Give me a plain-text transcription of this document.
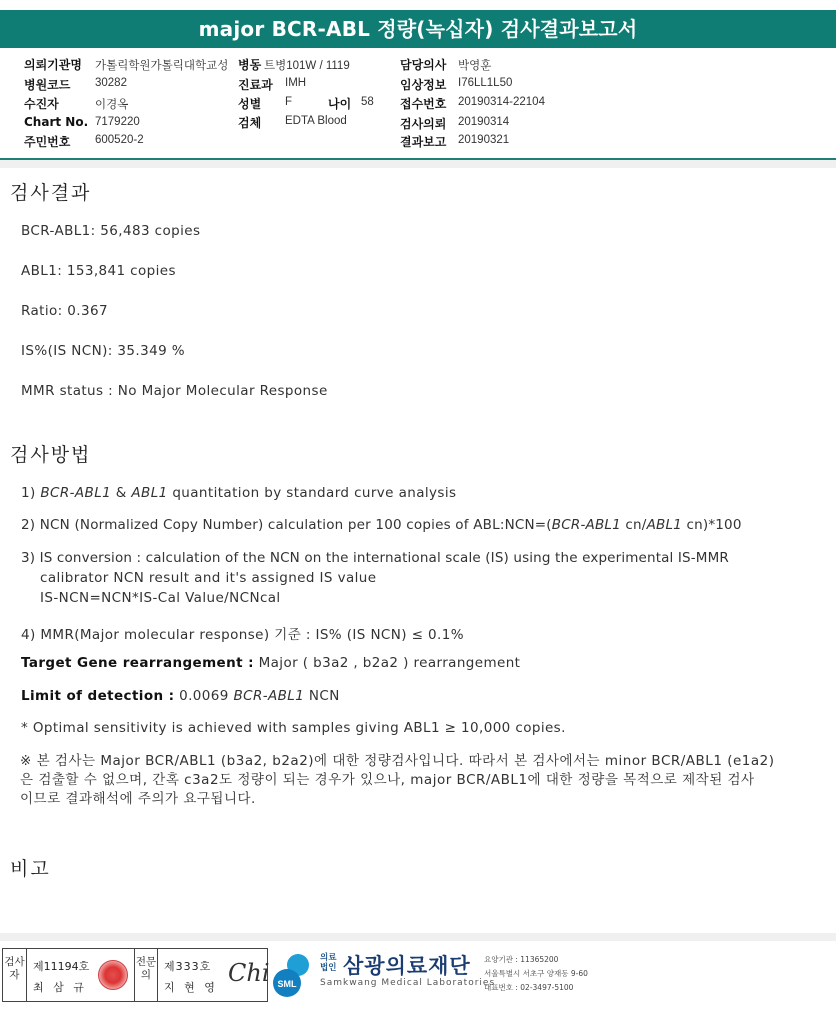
major BCR-ABL 정량(녹십자) 검사결과보고서
의뢰기관명 가톨릭학원가톨릭대학교성 병동 트병101W / 1119	담당의사 박영훈
병원코드 30282	진료과 IMH	임상정보 I76LL1L50
수진자	이경옥	성별 F	나이 58 접수번호 20190314-22104
Chart No. 7179220	검체 EDTA Blood	검사의뢰 20190314
주민번호 600520-2	결과보고 20190321
검사결과
BCR-ABL1: 56,483 copies
ABL1: 153,841 copies
Ratio: 0.367
IS%(IS NCN): 35.349 %
MMR status : No Major Molecular Response
검사방법
1) BCR-ABL1 & ABL1 quantitation by standard curve analysis
2) NCN (Normalized Copy Number) calculation per 100 copies of ABL:NCN=(BCR-ABL1 cn/ABL1 cn)*100
3) IS conversion : calculation of the NCN on the international scale (IS) using the experimental IS-MMR
calibrator NCN result and it's assigned IS value
IS-NCN=NCN*IS-Cal Value/NCNcal
4) MMR(Major molecular response) 기준 : IS% (IS NCN) ≤ 0.1%
Target Gene rearrangement : Major ( b3a2 , b2a2 ) rearrangement
Limit of detection : 0.0069 BCR-ABL1 NCN
* Optimal sensitivity is achieved with samples giving ABL1 ≥ 10,000 copies.
※ 본 검사는 Major BCR/ABL1 (b3a2, b2a2)에 대한 정량검사입니다. 따라서 본 검사에서는 minor BCR/ABL1 (e1a2)
은 검출할 수 없으며, 간혹 c3a2도 정량이 되는 경우가 있으나, major BCR/ABL1에 대한 정량을 목적으로 제작된 검사
이므로 결과해석에 주의가 요구됩니다.
비고
검사자
제11194호
최 삼 규
전문의
제333호
지 현 영
Chi SML
의료법인 삼광의료재단
Samkwang Medical Laboratories
요양기관 : 11365200
서울특별시 서초구 양재동 9-60
대표번호 : 02-3497-5100
